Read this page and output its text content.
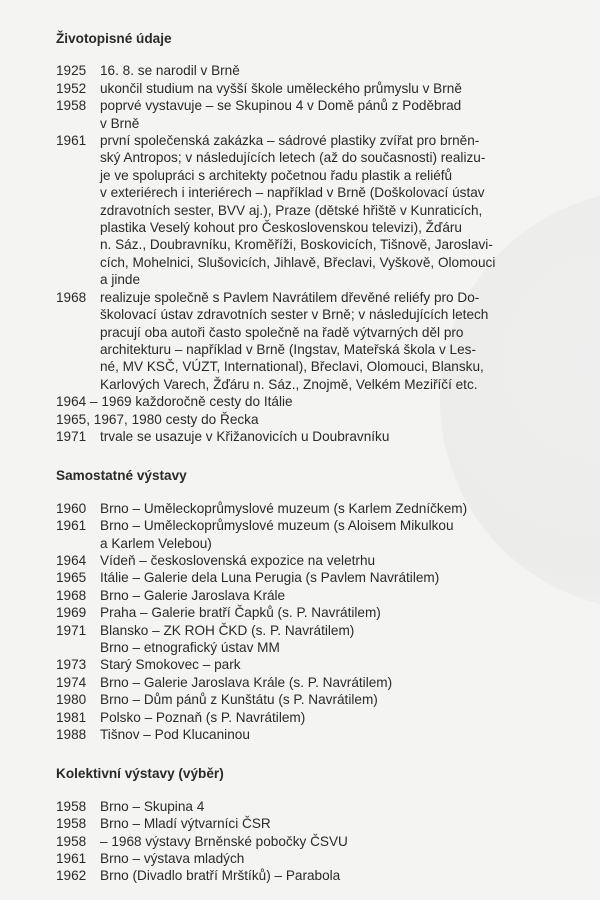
Životopisné údaje
1925	16. 8. se narodil v Brně
1952	ukončil studium na vyšší škole uměleckého průmyslu v Brně
1958	poprvé vystavuje – se Skupinou 4 v Domě pánů z Poděbrad
v Brně
1961	první společenská zakázka – sádrové plastiky zvířat pro brněn-
ský Antropos; v následujících letech (až do současnosti) realizu-
je ve spolupráci s architekty početnou řadu plastik a reliéfů
v exteriérech i interiérech – například v Brně (Doškolovací ústav
zdravotních sester, BVV aj.), Praze (dětské hřiště v Kunraticích,
plastika Veselý kohout pro Československou televizi), Žďáru
n. Sáz., Doubravníku, Kroměříži, Boskovicích, Tišnově, Jaroslavi-
cích, Mohelnici, Slušovicích, Jihlavě, Břeclavi, Vyškově, Olomouci
a jinde
1968	realizuje společně s Pavlem Navrátilem dřevěné reliéfy pro Do-
školovací ústav zdravotních sester v Brně; v následujících letech
pracují oba autoři často společně na řadě výtvarných děl pro
architekturu – například v Brně (Ingstav, Mateřská škola v Les-
né, MV KSČ, VÚZT, International), Břeclavi, Olomouci, Blansku,
Karlových Varech, Žďáru n. Sáz., Znojmě, Velkém Meziříčí etc.
1964 – 1969 každoročně cesty do Itálie
1965, 1967, 1980 cesty do Řecka
1971	trvale se usazuje v Křižanovicích u Doubravníku
Samostatné výstavy
1960	Brno – Uměleckoprůmyslové muzeum (s Karlem Zedníčkem)
1961	Brno – Uměleckoprůmyslové muzeum (s Aloisem Mikulkou
a Karlem Velebou)
1964	Vídeň – československá expozice na veletrhu
1965	Itálie – Galerie dela Luna Perugia (s Pavlem Navrátilem)
1968	Brno – Galerie Jaroslava Krále
1969	Praha – Galerie bratří Čapků (s. P. Navrátilem)
1971	Blansko – ZK ROH ČKD (s. P. Navrátilem)
Brno – etnografický ústav MM
1973	Starý Smokovec – park
1974	Brno – Galerie Jaroslava Krále (s. P. Navrátilem)
1980	Brno – Dům pánů z Kunštátu (s P. Navrátilem)
1981	Polsko – Poznaň (s P. Navrátilem)
1988	Tišnov – Pod Klucaninou
Kolektivní výstavy (výběr)
1958	Brno – Skupina 4
1958	Brno – Mladí výtvarníci ČSR
1958	– 1968 výstavy Brněnské pobočky ČSVU
1961	Brno – výstava mladých
1962	Brno (Divadlo bratří Mrštíků) – Parabola
